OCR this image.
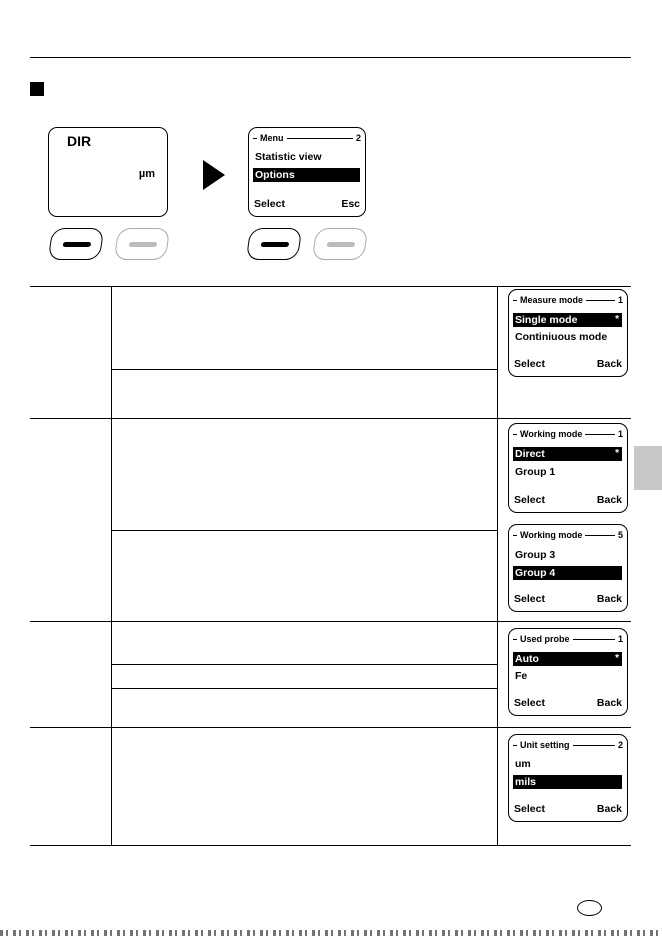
DIR
µm
Menu	2
Statistic view
Options
Select	Esc
Measure mode	1
Single mode	*
Continiuous mode
Select	Back
Working mode	1
Direct	*
Group 1
Select	Back
Working mode	5
Group 3
Group 4
Select	Back
Used probe	1
Auto	*
Fe
Select	Back
Unit setting	2
um
mils
Select	Back
